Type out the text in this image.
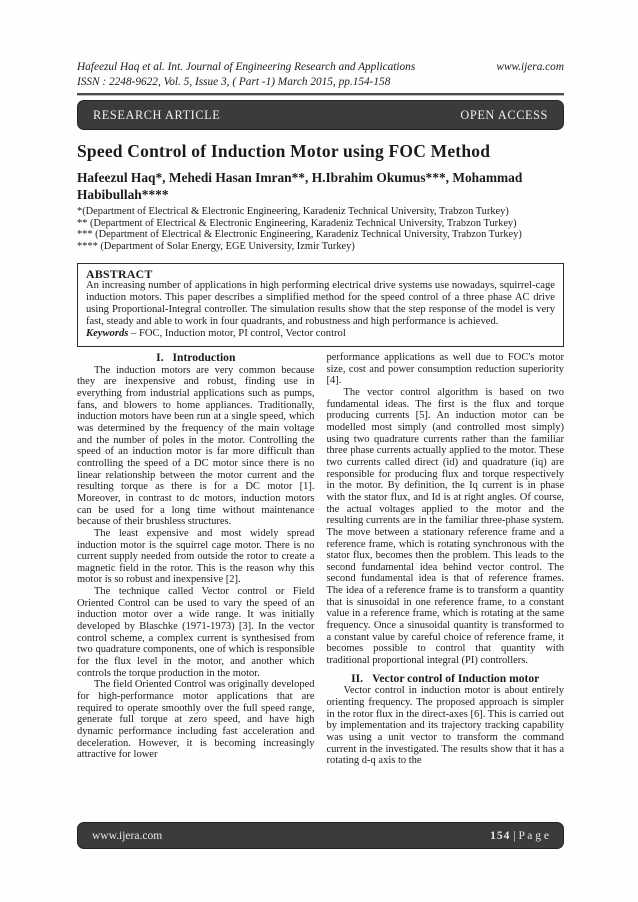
Hafeezul Haq et al. Int. Journal of Engineering Research and Applications	www.ijera.com
ISSN : 2248-9622, Vol. 5, Issue 3, ( Part -1) March 2015, pp.154-158
RESEARCH ARTICLE	OPEN ACCESS
Speed Control of Induction Motor using FOC Method
Hafeezul Haq*, Mehedi Hasan Imran**, H.Ibrahim Okumus***, Mohammad Habibullah****
*(Department of Electrical & Electronic Engineering, Karadeniz Technical University, Trabzon Turkey)
** (Department of Electrical & Electronic Engineering, Karadeniz Technical University, Trabzon Turkey)
*** (Department of Electrical & Electronic Engineering, Karadeniz Technical University, Trabzon Turkey)
**** (Department of Solar Energy, EGE University, Izmir Turkey)
ABSTRACT

An increasing number of applications in high performing electrical drive systems use nowadays, squirrel-cage induction motors. This paper describes a simplified method for the speed control of a three phase AC drive using Proportional-Integral controller. The simulation results show that the step response of the model is very fast, steady and able to work in four quadrants, and robustness and high performance is achieved.

Keywords – FOC, Induction motor, PI control, Vector control
I. Introduction

The induction motors are very common because they are inexpensive and robust, finding use in everything from industrial applications such as pumps, fans, and blowers to home appliances. Traditionally, induction motors have been run at a single speed, which was determined by the frequency of the main voltage and the number of poles in the motor. Controlling the speed of an induction motor is far more difficult than controlling the speed of a DC motor since there is no linear relationship between the motor current and the resulting torque as there is for a DC motor [1]. Moreover, in contrast to dc motors, induction motors can be used for a long time without maintenance because of their brushless structures.

The least expensive and most widely spread induction motor is the squirrel cage motor. There is no current supply needed from outside the rotor to create a magnetic field in the rotor. This is the reason why this motor is so robust and inexpensive [2].

The technique called Vector control or Field Oriented Control can be used to vary the speed of an induction motor over a wide range. It was initially developed by Blaschke (1971-1973) [3]. In the vector control scheme, a complex current is synthesised from two quadrature components, one of which is responsible for the flux level in the motor, and another which controls the torque production in the motor.

The field Oriented Control was originally developed for high-performance motor applications that are required to operate smoothly over the full speed range, generate full torque at zero speed, and have high dynamic performance including fast acceleration and deceleration. However, it is becoming increasingly attractive for lower

performance applications as well due to FOC's motor size, cost and power consumption reduction superiority [4].

The vector control algorithm is based on two fundamental ideas. The first is the flux and torque producing currents [5]. An induction motor can be modelled most simply (and controlled most simply) using two quadrature currents rather than the familiar three phase currents actually applied to the motor. These two currents called direct (id) and quadrature (iq) are responsible for producing flux and torque respectively in the motor. By definition, the Iq current is in phase with the stator flux, and Id is at right angles. Of course, the actual voltages applied to the motor and the resulting currents are in the familiar three-phase system. The move between a stationary reference frame and a reference frame, which is rotating synchronous with the stator flux, becomes then the problem. This leads to the second fundamental idea behind vector control. The second fundamental idea is that of reference frames. The idea of a reference frame is to transform a quantity that is sinusoidal in one reference frame, to a constant value in a reference frame, which is rotating at the same frequency. Once a sinusoidal quantity is transformed to a constant value by careful choice of reference frame, it becomes possible to control that quantity with traditional proportional integral (PI) controllers.

II. Vector control of Induction motor

Vector control in induction motor is about entirely orienting frequency. The proposed approach is simpler in the rotor flux in the direct-axes [6]. This is carried out by implementation and its trajectory tracking capability was using a unit vector to transform the command current in the investigated. The results show that it has a rotating d-q axis to the

www.ijera.com	154 | P a g e
